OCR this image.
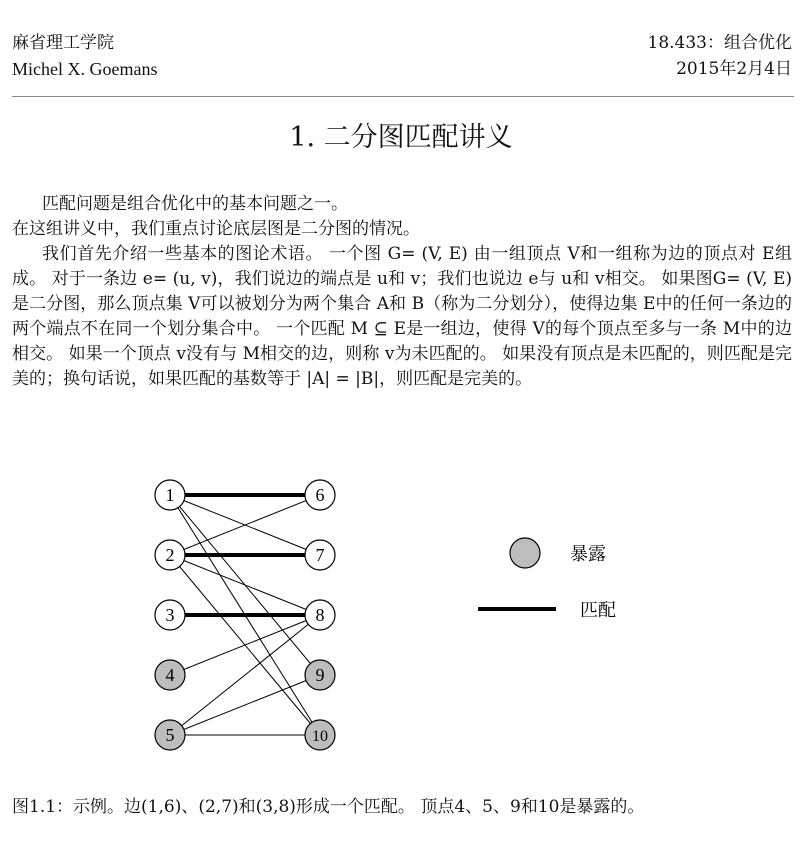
麻省理工学院
Michel X. Goemans
18.433：组合优化
2015年2月4日
1. 二分图匹配讲义

匹配问题是组合优化中的基本问题之一。

在这组讲义中，我们重点讨论底层图是二分图的情况。

我们首先介绍一些基本的图论术语。 一个图 G= (V, E) 由一组顶点 V和一组称为边的顶点对 E组成。 对于一条边 e= (u, v)，我们说边的端点是 u和 v；我们也说边 e与 u和 v相交。 如果图G= (V, E) 是二分图，那么顶点集 V可以被划分为两个集合 A和 B（称为二分划分），使得边集 E中的任何一条边的两个端点不在同一个划分集合中。 一个匹配 M ⊆ E是一组边，使得 V的每个顶点至多与一条 M中的边相交。 如果一个顶点 v没有与 M相交的边，则称 v为未匹配的。 如果没有顶点是未匹配的，则匹配是完美的；换句话说，如果匹配的基数等于 |A| = |B|，则匹配是完美的。

1
2
3
4
5
6
7
8
9
10
暴露
匹配
图1.1：示例。边(1,6)、(2,7)和(3,8)形成一个匹配。 顶点4、5、9和10是暴露的。
